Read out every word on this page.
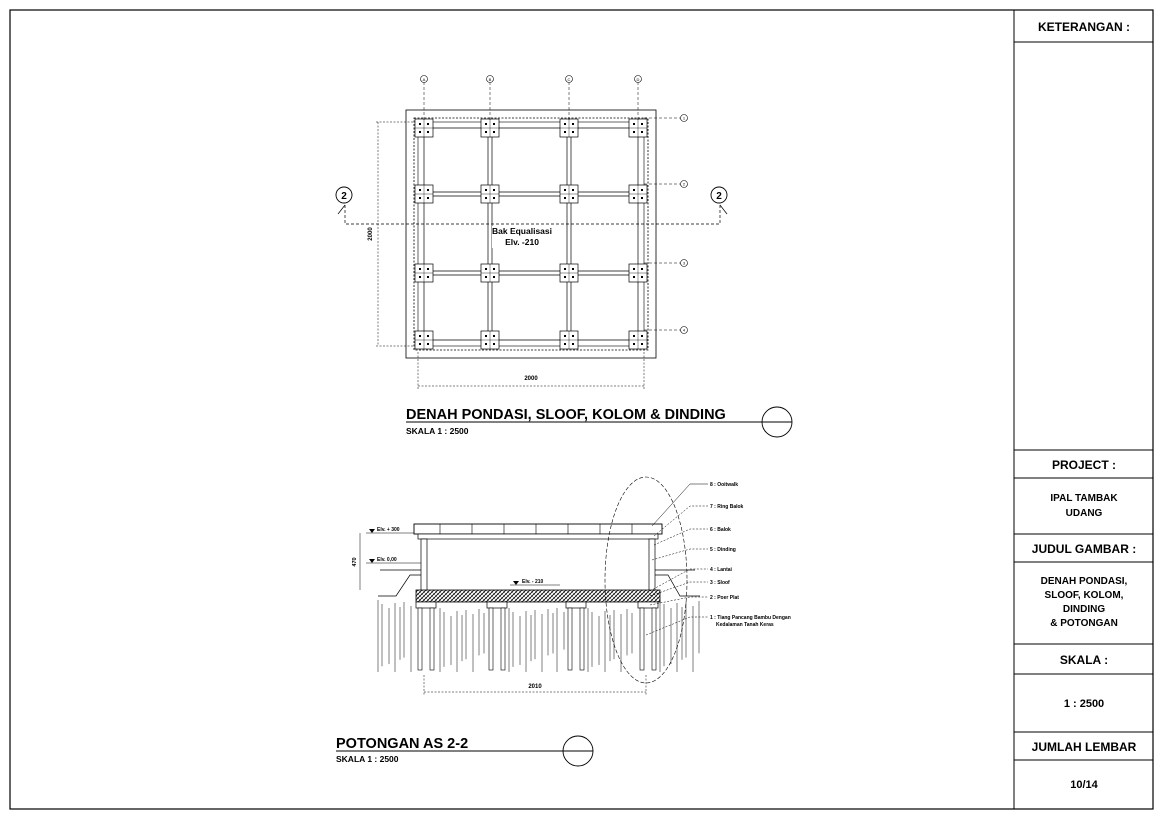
KETERANGAN :
PROJECT :
IPAL TAMBAK
UDANG
JUDUL GAMBAR :
DENAH PONDASI,
SLOOF, KOLOM,
DINDING
& POTONGAN
SKALA :
1 : 2500
JUMLAH LEMBAR
10/14
A	B	C	D
1
2
3
4
2	2
Bak Equalisasi
Elv. -210
2000
2000
DENAH PONDASI, SLOOF, KOLOM & DINDING
SKALA 1 : 2500
Elv. + 300
Elv. 0,00
Elv. - 210
470
2010
8 : Ooitwalk
7 : Ring Balok
6 : Balok
5 : Dinding
4 : Lantai
3 : Sloof
2 : Poer Plat
1 : Tiang Pancang Bambu Dengan
Kedalaman Tanah Keras
POTONGAN AS 2-2
SKALA 1 : 2500
